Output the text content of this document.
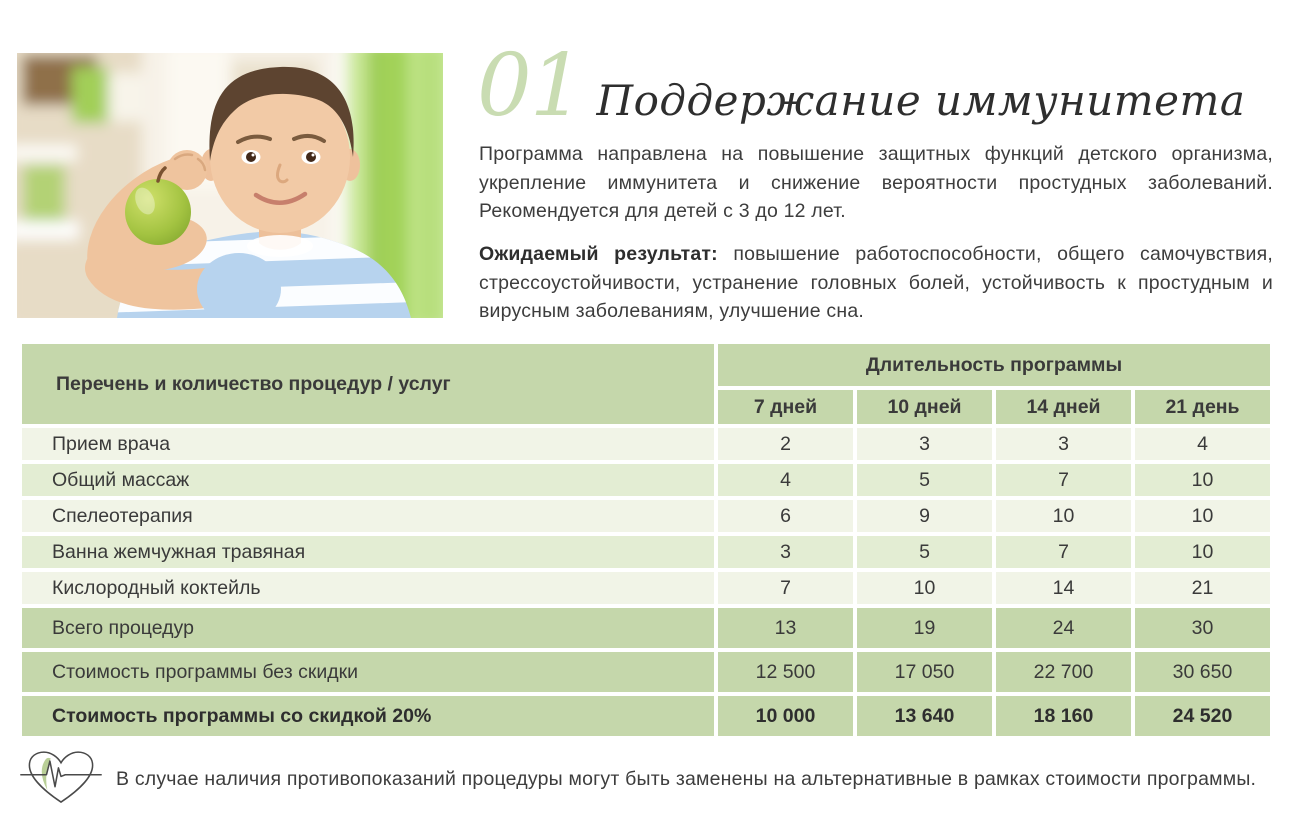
01 Поддержание иммунитета

Программа направлена на повышение защитных функций детского организма, укрепление иммунитета и снижение вероятности простудных заболеваний. Рекомендуется для детей с 3 до 12 лет.

Ожидаемый результат: повышение работоспособности, общего самочувствия, стрессоустойчивости, устранение головных болей, устойчивость к простудным и вирусным заболеваниям, улучшение сна.

Перечень и количество процедур / услуг	Длительность программы			
	7 дней	10 дней	14 дней	21 день
Прием врача	2	3	3	4
Общий массаж	4	5	7	10
Спелеотерапия	6	9	10	10
Ванна жемчужная травяная	3	5	7	10
Кислородный коктейль	7	10	14	21
Всего процедур	13	19	24	30
Стоимость программы без скидки	12 500	17 050	22 700	30 650
Стоимость программы со скидкой 20%	10 000	13 640	18 160	24 520
В случае наличия противопоказаний процедуры могут быть заменены на альтернативные в рамках стоимости программы.
